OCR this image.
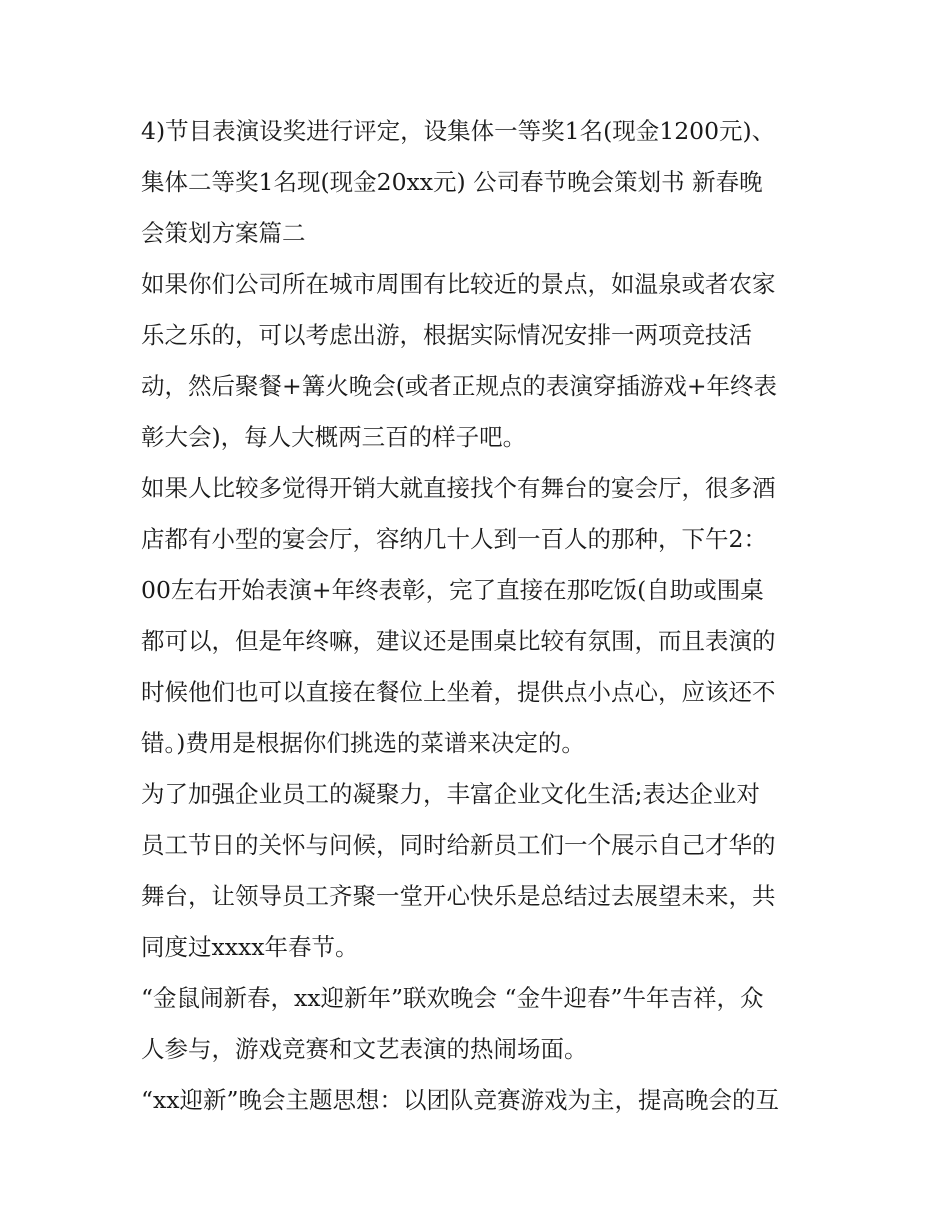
4)节目表演设奖进行评定，设集体一等奖1名(现金1200元)、
集体二等奖1名现(现金20xx元) 公司春节晚会策划书 新春晚
会策划方案篇二
如果你们公司所在城市周围有比较近的景点，如温泉或者农家
乐之乐的，可以考虑出游，根据实际情况安排一两项竞技活
动，然后聚餐+篝火晚会(或者正规点的表演穿插游戏+年终表
彰大会)，每人大概两三百的样子吧。
如果人比较多觉得开销大就直接找个有舞台的宴会厅，很多酒
店都有小型的宴会厅，容纳几十人到一百人的那种，下午2：
00左右开始表演+年终表彰，完了直接在那吃饭(自助或围桌
都可以，但是年终嘛，建议还是围桌比较有氛围，而且表演的
时候他们也可以直接在餐位上坐着，提供点小点心，应该还不
错。)费用是根据你们挑选的菜谱来决定的。
为了加强企业员工的凝聚力，丰富企业文化生活;表达企业对
员工节日的关怀与问候，同时给新员工们一个展示自己才华的
舞台，让领导员工齐聚一堂开心快乐是总结过去展望未来，共
同度过xxxx年春节。
“金鼠闹新春，xx迎新年”联欢晚会 “金牛迎春”牛年吉祥，众
人参与，游戏竞赛和文艺表演的热闹场面。
“xx迎新”晚会主题思想：以团队竞赛游戏为主，提高晚会的互
